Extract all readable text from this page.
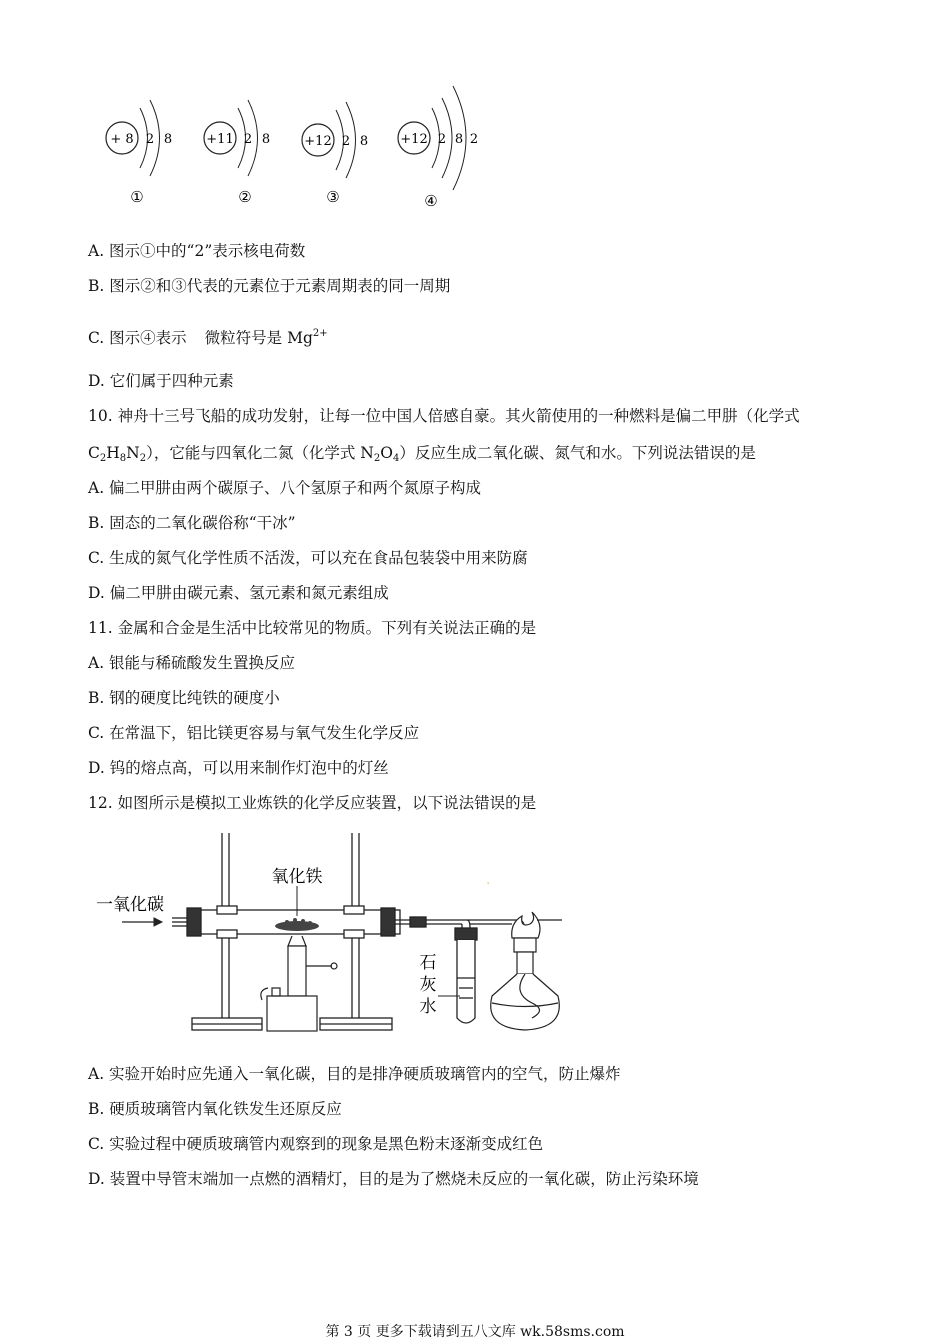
+ 8 2 8
①
+11 2 8
②
+12 2 8
③
+12 2 8 2
④
A. 图示①中的“2”表示核电荷数
B. 图示②和③代表的元素位于元素周期表的同一周期
C. 图示④表示 微粒符号是 $Mg^{2+}$
D. 它们属于四种元素
10. 神舟十三号飞船的成功发射，让每一位中国人倍感自豪。其火箭使用的一种燃料是偏二甲肼（化学式
$C_2H_8N_2$），它能与四氧化二氮（化学式 $N_2O_4$）反应生成二氧化碳、氮气和水。下列说法错误的是
A. 偏二甲肼由两个碳原子、八个氢原子和两个氮原子构成
B. 固态的二氧化碳俗称“干冰”
C. 生成的氮气化学性质不活泼，可以充在食品包装袋中用来防腐
D. 偏二甲肼由碳元素、氢元素和氮元素组成
11. 金属和合金是生活中比较常见的物质。下列有关说法正确的是
A. 银能与稀硫酸发生置换反应
B. 钢的硬度比纯铁的硬度小
C. 在常温下，铝比镁更容易与氧气发生化学反应
D. 钨的熔点高，可以用来制作灯泡中的灯丝
12. 如图所示是模拟工业炼铁的化学反应装置，以下说法错误的是
氧化铁
一氧化碳
石
灰
水
'
A. 实验开始时应先通入一氧化碳，目的是排净硬质玻璃管内的空气，防止爆炸
B. 硬质玻璃管内氧化铁发生还原反应
C. 实验过程中硬质玻璃管内观察到的现象是黑色粉末逐渐变成红色
D. 装置中导管末端加一点燃的酒精灯，目的是为了燃烧未反应的一氧化碳，防止污染环境
第 3 页 更多下载请到五八文库 wk.58sms.com
